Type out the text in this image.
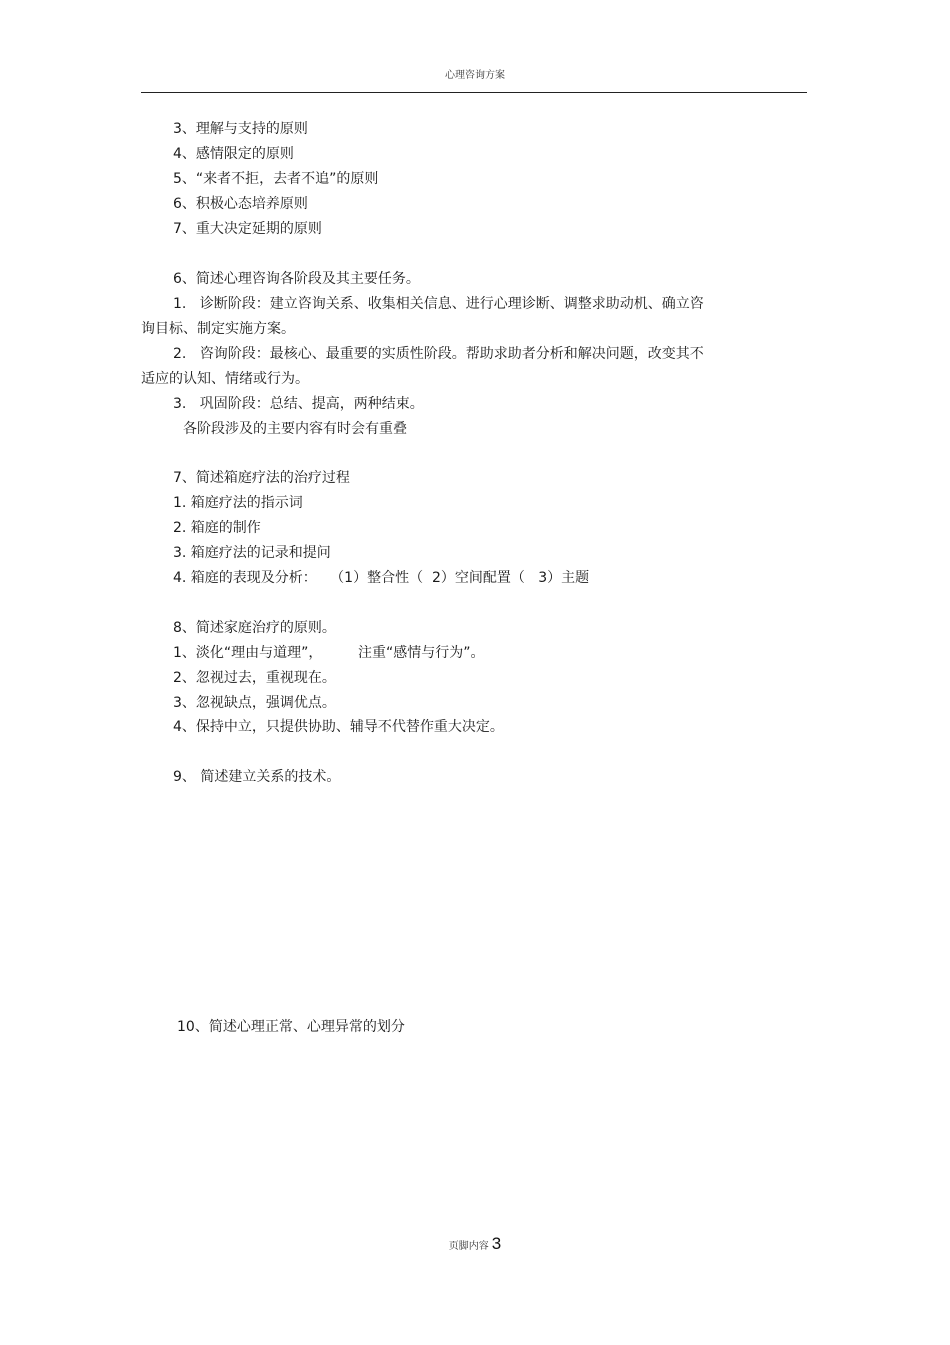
心理咨询方案
3、理解与支持的原则
4、感情限定的原则
5、“来者不拒，去者不追”的原则
6、积极心态培养原则
7、重大决定延期的原则
6、简述心理咨询各阶段及其主要任务。
1.   诊断阶段：建立咨询关系、收集相关信息、进行心理诊断、调整求助动机、确立咨
询目标、制定实施方案。
2.   咨询阶段：最核心、最重要的实质性阶段。帮助求助者分析和解决问题，改变其不
适应的认知、情绪或行为。
3.   巩固阶段：总结、提高，两种结束。
各阶段涉及的主要内容有时会有重叠
7、简述箱庭疗法的治疗过程
1. 箱庭疗法的指示词
2. 箱庭的制作
3. 箱庭疗法的记录和提问
4. 箱庭的表现及分析：   （1）整合性（  2）空间配置（   3）主题
8、简述家庭治疗的原则。
1、淡化“理由与道理”，        注重“感情与行为”。
2、忽视过去，重视现在。
3、忽视缺点，强调优点。
4、保持中立，只提供协助、辅导不代替作重大决定。
9、 简述建立关系的技术。
10、简述心理正常、心理异常的划分
页脚内容 3
